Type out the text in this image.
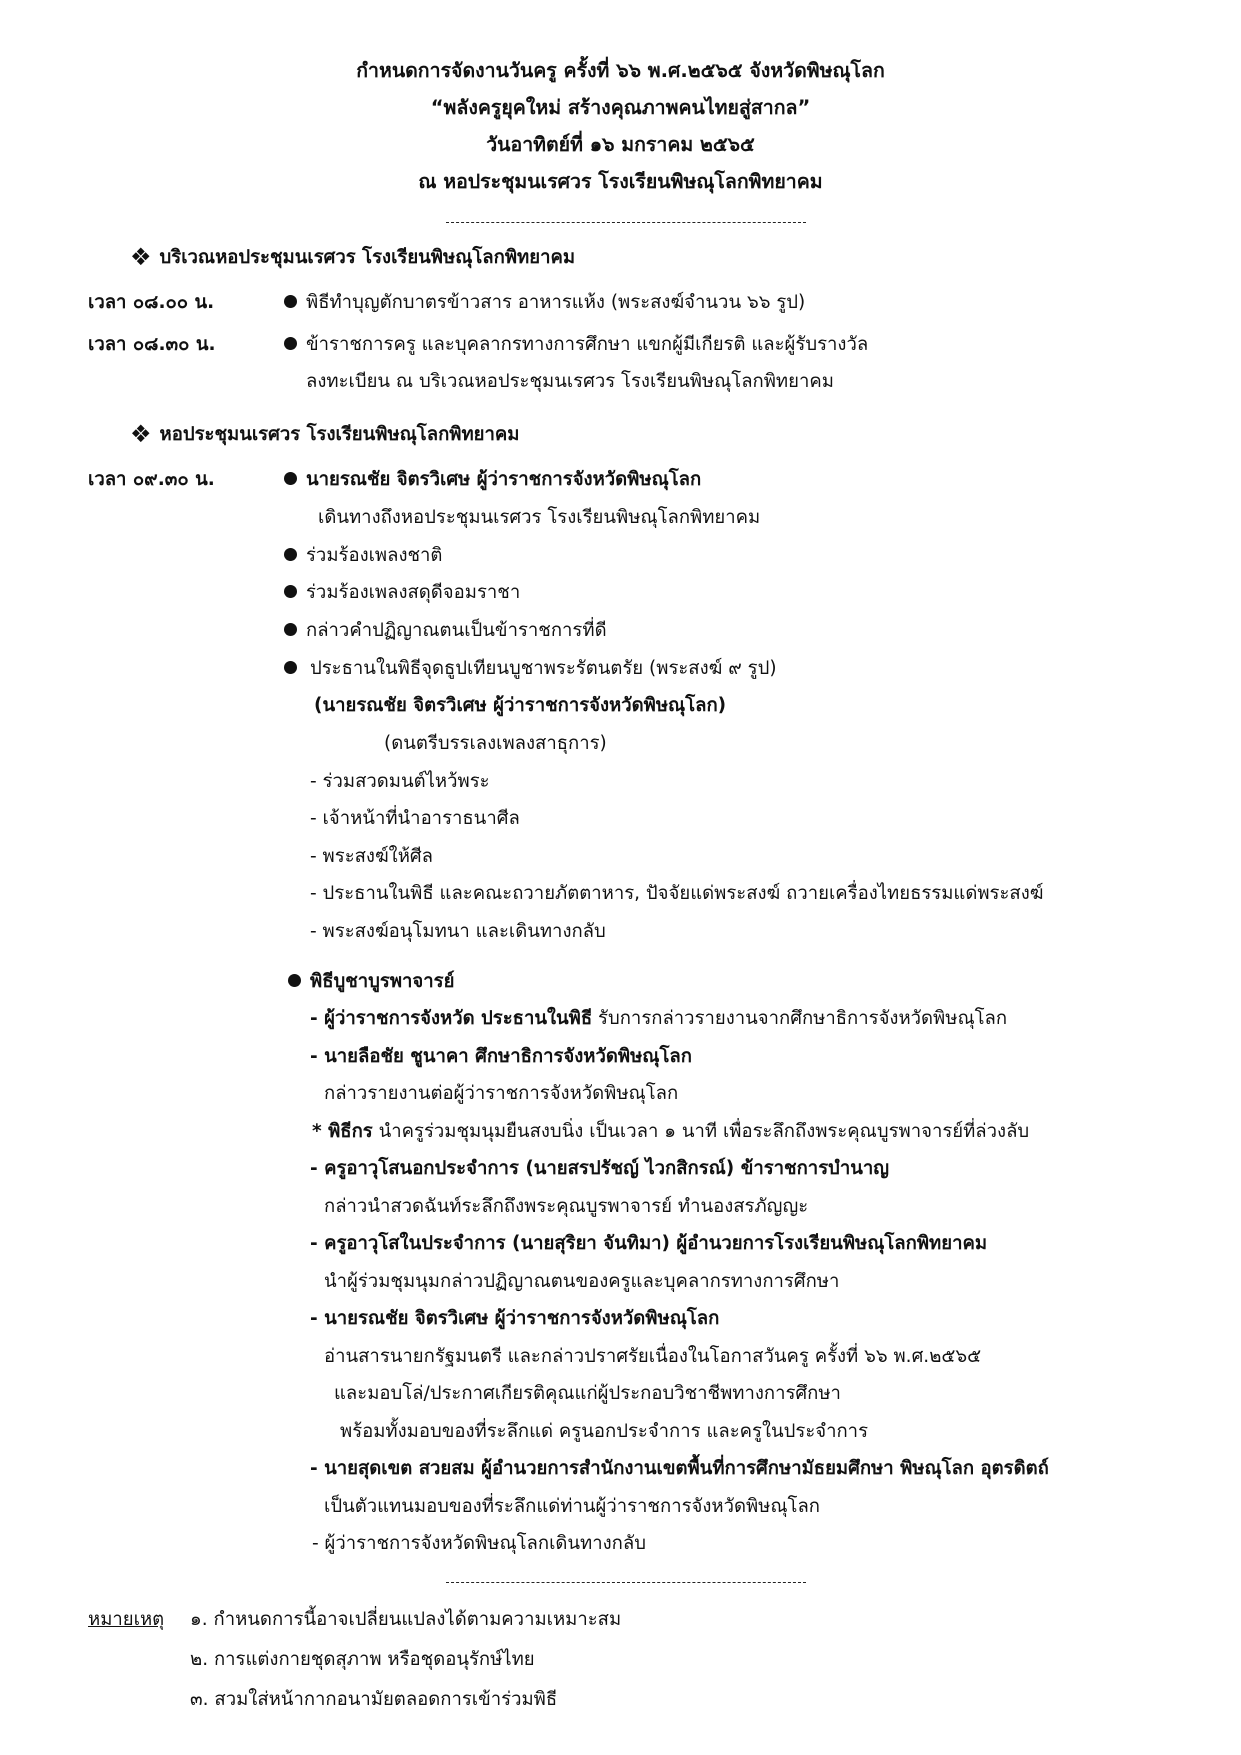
กำหนดการจัดงานวันครู ครั้งที่ ๖๖ พ.ศ.๒๕๖๕ จังหวัดพิษณุโลก
“พลังครูยุคใหม่ สร้างคุณภาพคนไทยสู่สากล”
วันอาทิตย์ที่ ๑๖ มกราคม ๒๕๖๕
ณ หอประชุมนเรศวร โรงเรียนพิษณุโลกพิทยาคม
❖ บริเวณหอประชุมนเรศวร โรงเรียนพิษณุโลกพิทยาคม
เวลา ๐๘.๐๐ น.	พิธีทำบุญตักบาตรข้าวสาร อาหารแห้ง (พระสงฆ์จำนวน ๖๖ รูป)
เวลา ๐๘.๓๐ น.	ข้าราชการครู และบุคลากรทางการศึกษา แขกผู้มีเกียรติ และผู้รับรางวัล
ลงทะเบียน ณ บริเวณหอประชุมนเรศวร โรงเรียนพิษณุโลกพิทยาคม
❖ หอประชุมนเรศวร โรงเรียนพิษณุโลกพิทยาคม
เวลา ๐๙.๓๐ น.	นายรณชัย จิตรวิเศษ ผู้ว่าราชการจังหวัดพิษณุโลก
เดินทางถึงหอประชุมนเรศวร โรงเรียนพิษณุโลกพิทยาคม
ร่วมร้องเพลงชาติ
ร่วมร้องเพลงสดุดีจอมราชา
กล่าวคำปฏิญาณตนเป็นข้าราชการที่ดี
ประธานในพิธีจุดธูปเทียนบูชาพระรัตนตรัย (พระสงฆ์ ๙ รูป)
(นายรณชัย จิตรวิเศษ ผู้ว่าราชการจังหวัดพิษณุโลก)
(ดนตรีบรรเลงเพลงสาธุการ)
- ร่วมสวดมนต์ไหว้พระ
- เจ้าหน้าที่นำอาราธนาศีล
- พระสงฆ์ให้ศีล
- ประธานในพิธี และคณะถวายภัตตาหาร, ปัจจัยแด่พระสงฆ์ ถวายเครื่องไทยธรรมแด่พระสงฆ์
- พระสงฆ์อนุโมทนา และเดินทางกลับ
พิธีบูชาบูรพาจารย์
- ผู้ว่าราชการจังหวัด ประธานในพิธี รับการกล่าวรายงานจากศึกษาธิการจังหวัดพิษณุโลก
- นายลือชัย ชูนาคา ศึกษาธิการจังหวัดพิษณุโลก
กล่าวรายงานต่อผู้ว่าราชการจังหวัดพิษณุโลก
* พิธีกร นำครูร่วมชุมนุมยืนสงบนิ่ง เป็นเวลา ๑ นาที เพื่อระลึกถึงพระคุณบูรพาจารย์ที่ล่วงลับ
- ครูอาวุโสนอกประจำการ (นายสรปรัชญ์ ไวกสิกรณ์) ข้าราชการบำนาญ
กล่าวนำสวดฉันท์ระลึกถึงพระคุณบูรพาจารย์ ทำนองสรภัญญะ
- ครูอาวุโสในประจำการ (นายสุริยา จันทิมา) ผู้อำนวยการโรงเรียนพิษณุโลกพิทยาคม
นำผู้ร่วมชุมนุมกล่าวปฏิญาณตนของครูและบุคลากรทางการศึกษา
- นายรณชัย จิตรวิเศษ ผู้ว่าราชการจังหวัดพิษณุโลก
อ่านสารนายกรัฐมนตรี และกล่าวปราศรัยเนื่องในโอกาสวันครู ครั้งที่ ๖๖ พ.ศ.๒๕๖๕
และมอบโล่/ประกาศเกียรติคุณแก่ผู้ประกอบวิชาชีพทางการศึกษา
พร้อมทั้งมอบของที่ระลึกแด่ ครูนอกประจำการ และครูในประจำการ
- นายสุดเขต สวยสม ผู้อำนวยการสำนักงานเขตพื้นที่การศึกษามัธยมศึกษา พิษณุโลก อุตรดิตถ์
เป็นตัวแทนมอบของที่ระลึกแด่ท่านผู้ว่าราชการจังหวัดพิษณุโลก
- ผู้ว่าราชการจังหวัดพิษณุโลกเดินทางกลับ
หมายเหตุ ๑. กำหนดการนี้อาจเปลี่ยนแปลงได้ตามความเหมาะสม
๒. การแต่งกายชุดสุภาพ หรือชุดอนุรักษ์ไทย
๓. สวมใส่หน้ากากอนามัยตลอดการเข้าร่วมพิธี
